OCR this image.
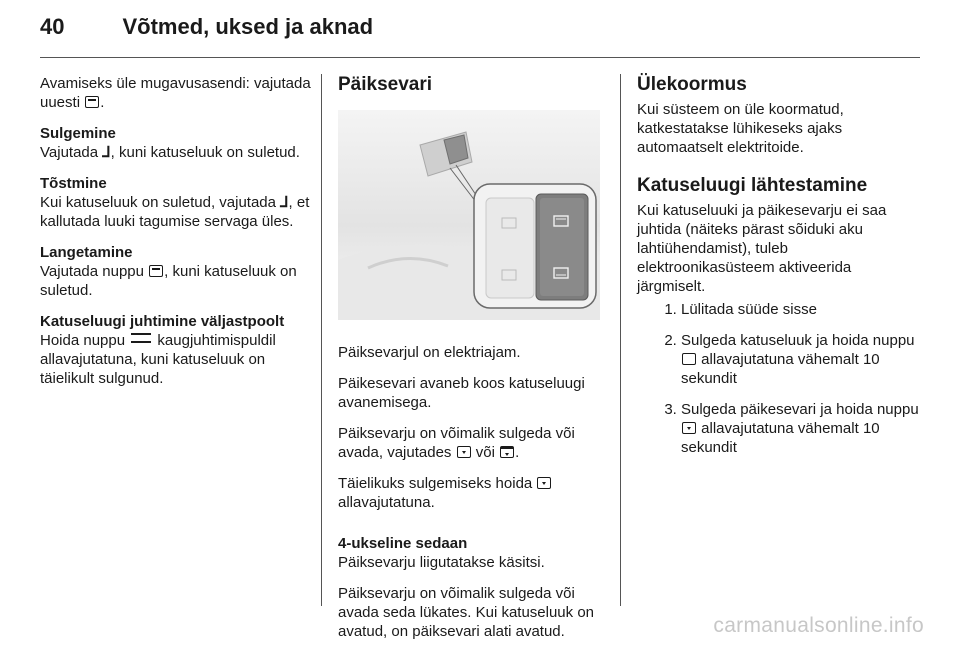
40	Võtmed, uksed ja aknad

Avamiseks üle mugavusasendi: vajutada uuesti .

Sulgemine
Vajutada ⅃, kuni katuseluuk on suletud.

Tõstmine
Kui katuseluuk on suletud, vajutada ⅃, et kallutada luuki tagumise servaga üles.

Langetamine
Vajutada nuppu , kuni katuseluuk on suletud.

Katuseluugi juhtimine väljastpoolt
Hoida nuppu kaugjuhtimispuldil allavajutatuna, kuni katuseluuk on täielikult sulgunud.

Päiksevari

Päiksevarjul on elektriajam.

Päikesevari avaneb koos katuseluugi avanemisega.

Päiksevarju on võimalik sulgeda või avada, vajutades või .

Täielikuks sulgemiseks hoida  allavajutatuna.

4-ukseline sedaan
Päiksevarju liigutatakse käsitsi.

Päiksevarju on võimalik sulgeda või avada seda lükates. Kui katuseluuk on avatud, on päiksevari alati avatud.

Ülekoormus

Kui süsteem on üle koormatud, katkestatakse lühikeseks ajaks automaatselt elektritoide.

Katuseluugi lähtestamine

Kui katuseluuki ja päikesevarju ei saa juhtida (näiteks pärast sõiduki aku lahtiühendamist), tuleb elektroonikasüsteem aktiveerida järgmiselt.

1. Lülitada süüde sisse
2. Sulgeda katuseluuk ja hoida nuppu  allavajutatuna vähemalt 10 sekundit
3. Sulgeda päikesevari ja hoida nuppu  allavajutatuna vähemalt 10 sekundit
carmanualsonline.info
